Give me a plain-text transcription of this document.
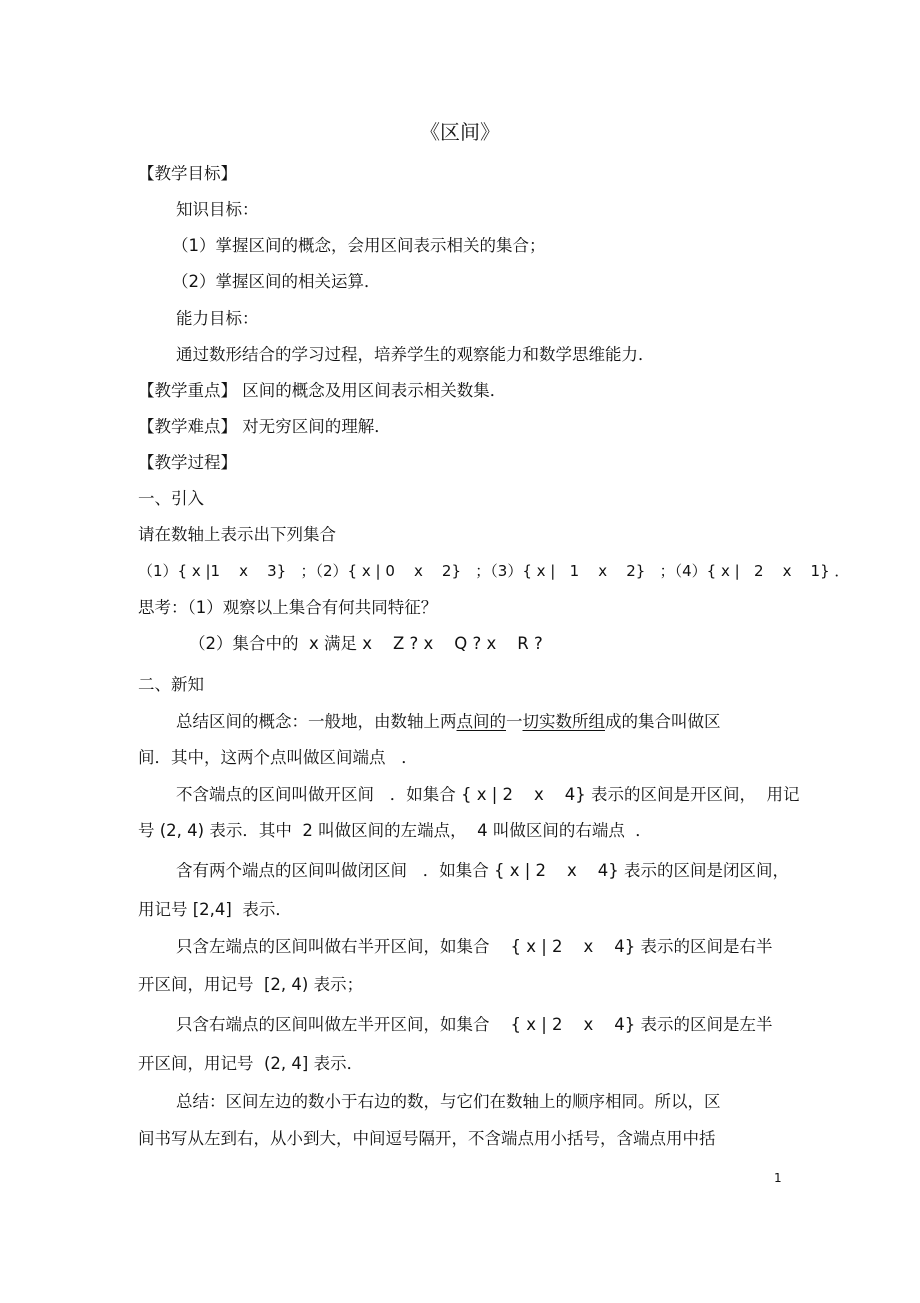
《区间》
【教学目标】
知识目标：
（1）掌握区间的概念，会用区间表示相关的集合；
（2）掌握区间的相关运算．
能力目标：
通过数形结合的学习过程，培养学生的观察能力和数学思维能力．
【教学重点】 区间的概念及用区间表示相关数集．
【教学难点】 对无穷区间的理解．
【教学过程】
一、引入
请在数轴上表示出下列集合
（1）{ x |1    x    3}   ；（2）{ x | 0    x    2}   ；（3）{ x |   1    x    2}   ；（4）{ x |   2    x    1} ．
思考：（1）观察以上集合有何共同特征？
（2）集合中的  x 满足 x    Z ? x    Q ? x    R ?
二、新知
总结区间的概念：一般地，由数轴上两点间的一切实数所组成的集合叫做区
间．其中，这两个点叫做区间端点   ．
不含端点的区间叫做开区间   ．如集合 { x | 2    x    4} 表示的区间是开区间，  用记
号 (2, 4) 表示．其中  2 叫做区间的左端点，  4 叫做区间的右端点  ．
含有两个端点的区间叫做闭区间   ．如集合 { x | 2    x    4} 表示的区间是闭区间，
用记号 [2,4]  表示．
只含左端点的区间叫做右半开区间，如集合    { x | 2    x    4} 表示的区间是右半
开区间，用记号  [2, 4) 表示；
只含右端点的区间叫做左半开区间，如集合    { x | 2    x    4} 表示的区间是左半
开区间，用记号  (2, 4] 表示．
总结：区间左边的数小于右边的数，与它们在数轴上的顺序相同。所以，区
间书写从左到右，从小到大，中间逗号隔开，不含端点用小括号，含端点用中括
1
